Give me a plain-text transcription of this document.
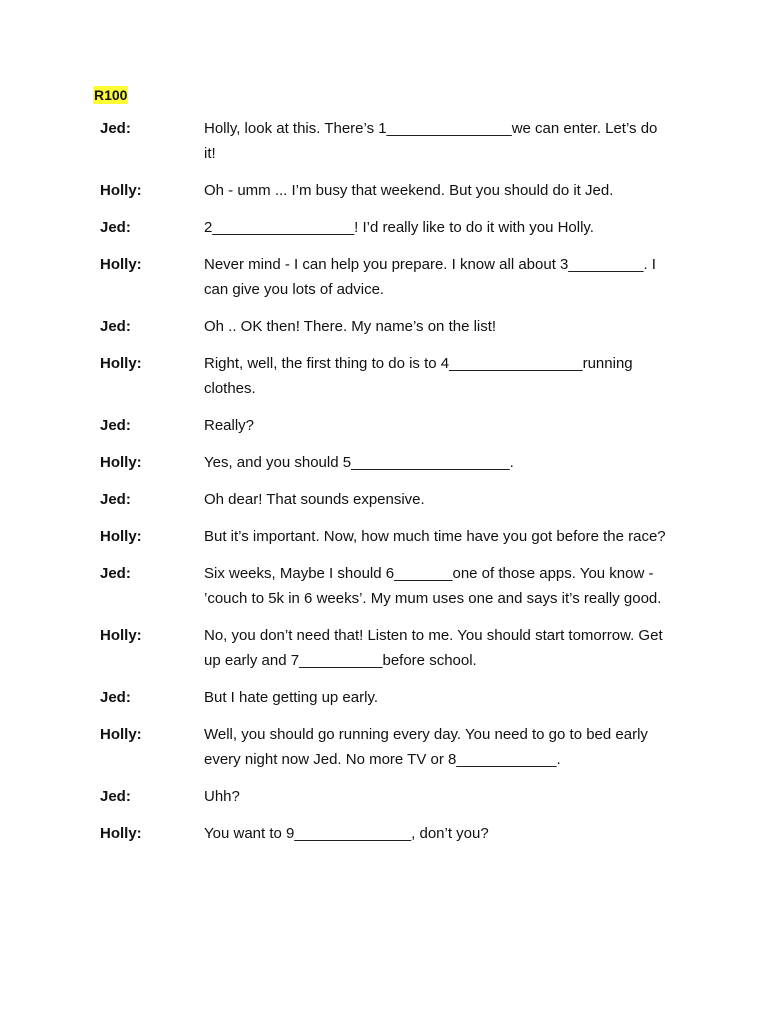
R100
Jed:	Holly, look at this. There’s 1_______________we can enter. Let’s do it!
Holly:	Oh - umm ... I’m busy that weekend. But you should do it Jed.
Jed:	2_________________! I’d really like to do it with you Holly.
Holly:	Never mind - I can help you prepare. I know all about 3_________. I can give you lots of advice.
Jed:	Oh .. OK then! There. My name’s on the list!
Holly:	Right, well, the first thing to do is to 4________________running clothes.
Jed:	Really?
Holly:	Yes, and you should 5___________________.
Jed:	Oh dear! That sounds expensive.
Holly:	But it’s important. Now, how much time have you got before the race?
Jed:	Six weeks, Maybe I should 6_______one of those apps. You know - ’couch to 5k in 6 weeks’. My mum uses one and says it’s really good.
Holly:	No, you don’t need that! Listen to me. You should start tomorrow. Get up early and 7__________before school.
Jed:	But I hate getting up early.
Holly:	Well, you should go running every day. You need to go to bed early every night now Jed. No more TV or 8____________.
Jed:	Uhh?
Holly:	You want to 9______________, don’t you?
